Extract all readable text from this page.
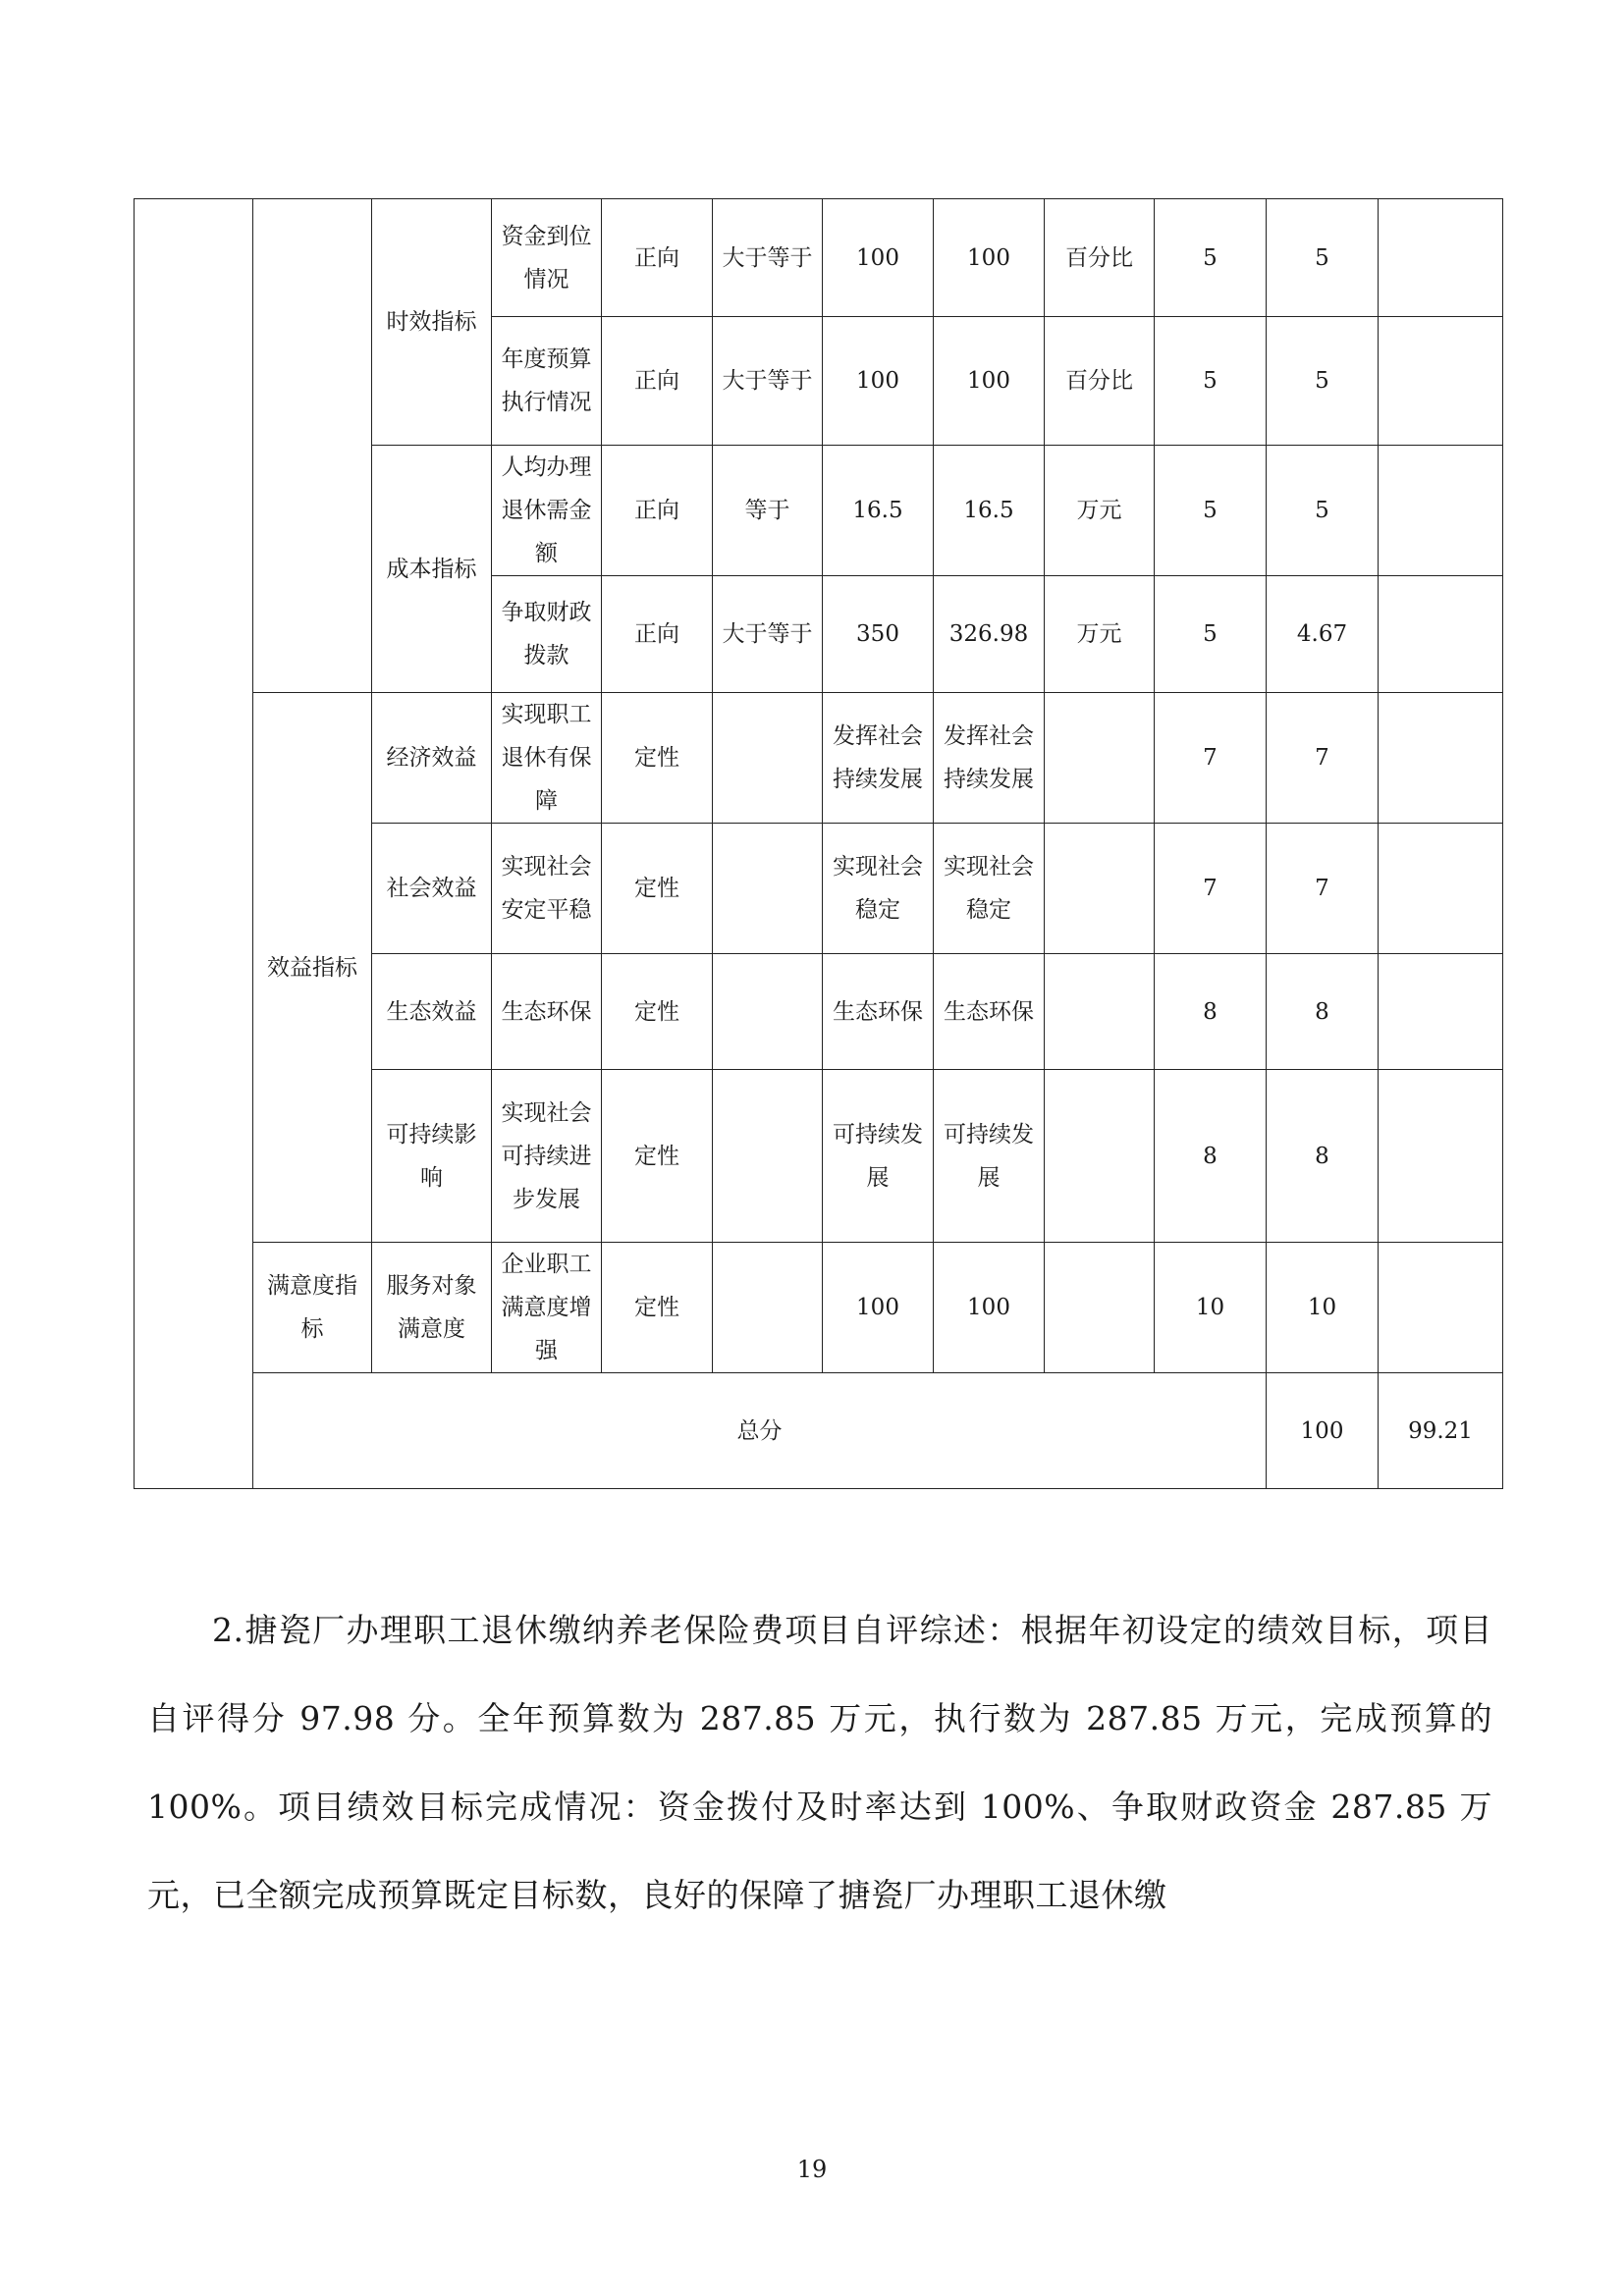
		时效指标	资金到位情况	正向	大于等于	100	100	百分比	5	5		
			年度预算执行情况	正向	大于等于	100	100	百分比	5	5		
		成本指标	人均办理退休需金额	正向	等于	16.5	16.5	万元	5	5		
			争取财政拨款	正向	大于等于	350	326.98	万元	5	4.67		
	效益指标	经济效益	实现职工退休有保障	定性		发挥社会持续发展	发挥社会持续发展		7	7		
		社会效益	实现社会安定平稳	定性		实现社会稳定	实现社会稳定		7	7		
		生态效益	生态环保	定性		生态环保	生态环保		8	8		
		可持续影响	实现社会可持续进步发展	定性		可持续发展	可持续发展		8	8		
	满意度指标	服务对象满意度	企业职工满意度增强	定性		100	100		10	10		
	总分									100	99.21	

2.搪瓷厂办理职工退休缴纳养老保险费项目自评综述：根据年初设定的绩效目标，项目自评得分 97.98 分。全年预算数为 287.85 万元，执行数为 287.85 万元，完成预算的 100%。项目绩效目标完成情况：资金拨付及时率达到 100%、争取财政资金 287.85 万元，已全额完成预算既定目标数，良好的保障了搪瓷厂办理职工退休缴

19
